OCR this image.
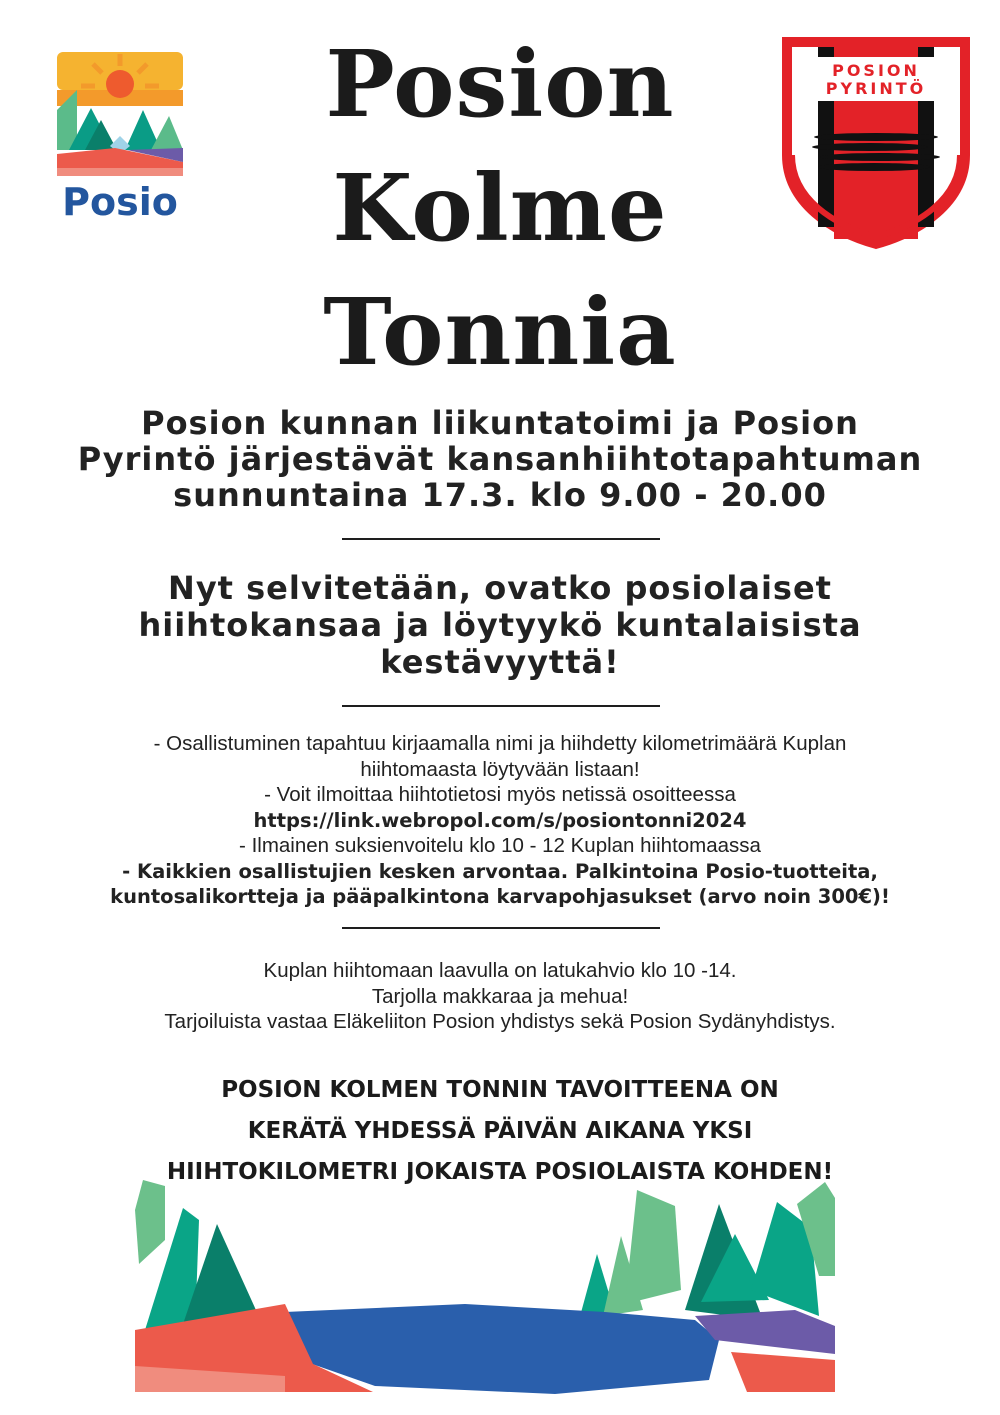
Posio
POSION
PYRINTÖ
Posion
Kolme
Tonnia
Posion kunnan liikuntatoimi ja Posion
Pyrintö järjestävät kansanhiihtotapahtuman
sunnuntaina 17.3. klo 9.00 - 20.00
Nyt selvitetään, ovatko posiolaiset
hiihtokansaa ja löytyykö kuntalaisista
kestävyyttä!
- Osallistuminen tapahtuu kirjaamalla nimi ja hiihdetty kilometrimäärä Kuplan
hiihtomaasta löytyvään listaan!
- Voit ilmoittaa hiihtotietosi myös netissä osoitteessa
https://link.webropol.com/s/posiontonni2024
- Ilmainen suksienvoitelu klo 10 - 12 Kuplan hiihtomaassa
- Kaikkien osallistujien kesken arvontaa. Palkintoina Posio-tuotteita,
kuntosalikortteja ja pääpalkintona karvapohjasukset (arvo noin 300€)!
Kuplan hiihtomaan laavulla on latukahvio klo 10 -14.
Tarjolla makkaraa ja mehua!
Tarjoiluista vastaa Eläkeliiton Posion yhdistys sekä Posion Sydänyhdistys.
POSION KOLMEN TONNIN TAVOITTEENA ON
KERÄTÄ YHDESSÄ PÄIVÄN AIKANA YKSI
HIIHTOKILOMETRI JOKAISTA POSIOLAISTA KOHDEN!
